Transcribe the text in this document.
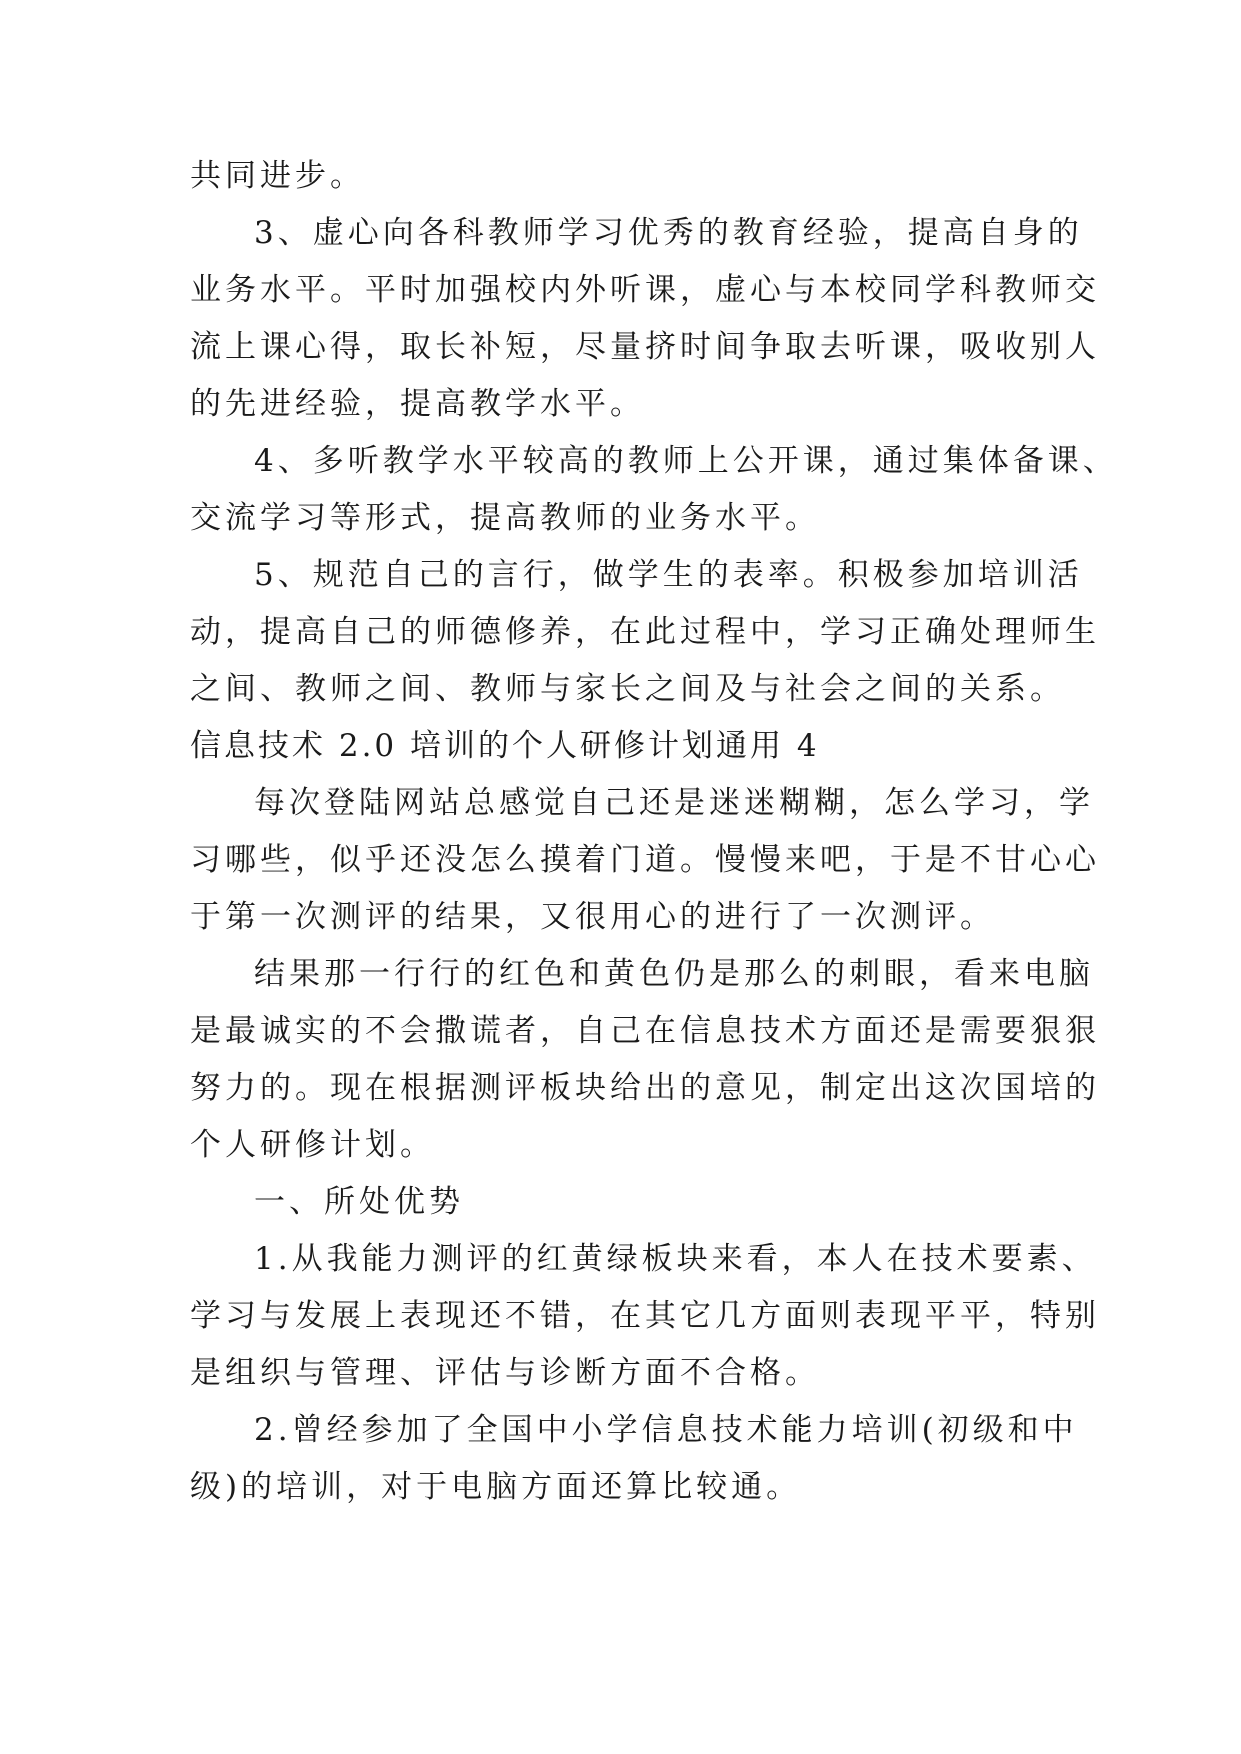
共同进步。
3、虚心向各科教师学习优秀的教育经验，提高自身的
业务水平。平时加强校内外听课，虚心与本校同学科教师交
流上课心得，取长补短，尽量挤时间争取去听课，吸收别人
的先进经验，提高教学水平。
4、多听教学水平较高的教师上公开课，通过集体备课、
交流学习等形式，提高教师的业务水平。
5、规范自己的言行，做学生的表率。积极参加培训活
动，提高自己的师德修养，在此过程中，学习正确处理师生
之间、教师之间、教师与家长之间及与社会之间的关系。
信息技术 2.0 培训的个人研修计划通用 4
每次登陆网站总感觉自己还是迷迷糊糊，怎么学习，学
习哪些，似乎还没怎么摸着门道。慢慢来吧，于是不甘心心
于第一次测评的结果，又很用心的进行了一次测评。
结果那一行行的红色和黄色仍是那么的刺眼，看来电脑
是最诚实的不会撒谎者，自己在信息技术方面还是需要狠狠
努力的。现在根据测评板块给出的意见，制定出这次国培的
个人研修计划。
一、所处优势
1.从我能力测评的红黄绿板块来看，本人在技术要素、
学习与发展上表现还不错，在其它几方面则表现平平，特别
是组织与管理、评估与诊断方面不合格。
2.曾经参加了全国中小学信息技术能力培训(初级和中
级)的培训，对于电脑方面还算比较通。
